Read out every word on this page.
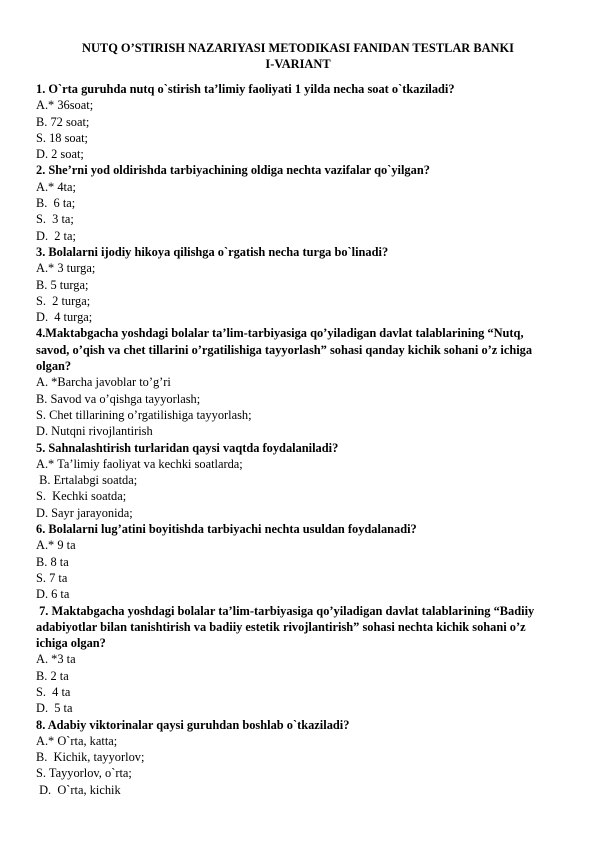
NUTQ O’STIRISH NAZARIYASI METODIKASI FANIDAN TESTLAR BANKI
I-VARIANT
1. O`rta guruhda nutq o`stirish ta’limiy faoliyati 1 yilda necha soat o`tkaziladi?
A.* 36soat;
B. 72 soat;
S. 18 soat;
D. 2 soat;
2. She’rni yod oldirishda tarbiyachining oldiga nechta vazifalar qo`yilgan?
A.* 4ta;
B.  6 ta;
S.  3 ta;
D.  2 ta;
3. Bolalarni ijodiy hikoya qilishga o`rgatish necha turga bo`linadi?
A.* 3 turga;
B. 5 turga;
S.  2 turga;
D.  4 turga;
4.Maktabgacha yoshdagi bolalar ta’lim-tarbiyasiga qo’yiladigan davlat talablarining “Nutq, savod, o’qish va chet tillarini o’rgatilishiga tayyorlash” sohasi qanday kichik sohani o’z ichiga olgan?
A. *Barcha javoblar to’g’ri
B. Savod va o’qishga tayyorlash;
S. Chet tillarining o’rgatilishiga tayyorlash;
D. Nutqni rivojlantirish
5. Sahnalashtirish turlaridan qaysi vaqtda foydalaniladi?
A.* Ta’limiy faoliyat va kechki soatlarda;
B. Ertalabgi soatda;
S.  Kechki soatda;
D. Sayr jarayonida;
6. Bolalarni lug’atini boyitishda tarbiyachi nechta usuldan foydalanadi?
A.* 9 ta
B. 8 ta
S. 7 ta
D. 6 ta
7. Maktabgacha yoshdagi bolalar ta’lim-tarbiyasiga qo’yiladigan davlat talablarining “Badiiy adabiyotlar bilan tanishtirish va badiiy estetik rivojlantirish” sohasi nechta kichik sohani o’z ichiga olgan?
A. *3 ta
B. 2 ta
S.  4 ta
D.  5 ta
8. Adabiy viktorinalar qaysi guruhdan boshlab o`tkaziladi?
A.* O`rta, katta;
B.  Kichik, tayyorlov;
S. Tayyorlov, o`rta;
D.  O`rta, kichik
